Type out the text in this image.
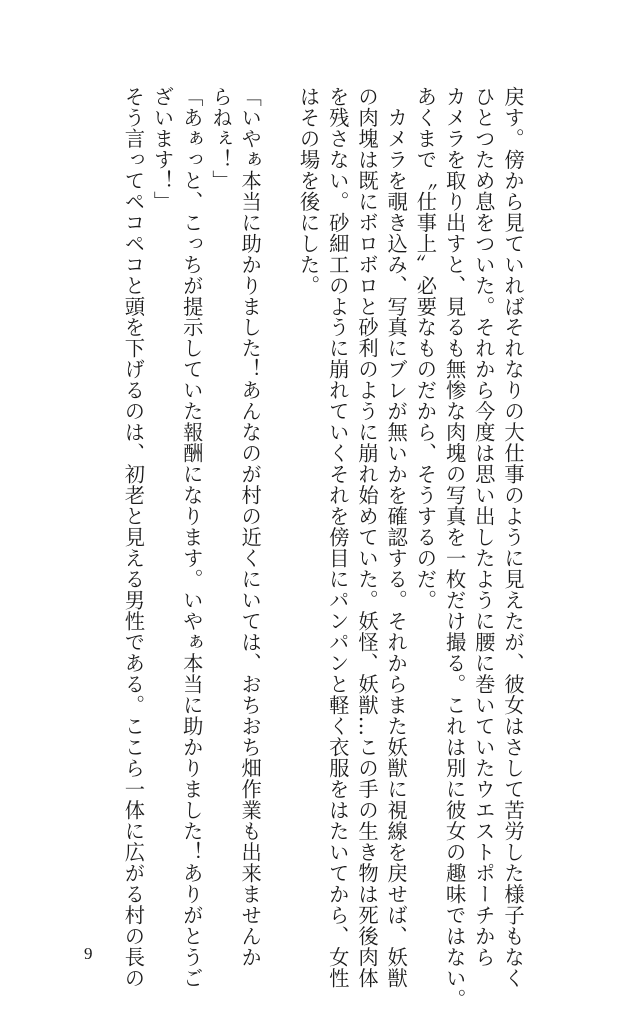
戻す。傍から見ていればそれなりの大仕事のように見えたが、彼女はさして苦労した様子もなく
ひとつため息をついた。それから今度は思い出したように腰に巻いていたウエストポーチから
カメラを取り出すと、見るも無惨な肉塊の写真を一枚だけ撮る。これは別に彼女の趣味ではない。
あくまで〝仕事上〟必要なものだから、そうするのだ。
　カメラを覗き込み、写真にブレが無いかを確認する。それからまた妖獣に視線を戻せば、妖獣
の肉塊は既にボロボロと砂利のように崩れ始めていた。妖怪、妖獣…この手の生き物は死後肉体
を残さない。砂細工のように崩れていくそれを傍目にパンパンと軽く衣服をはたいてから、女性
はその場を後にした。
「いやぁ本当に助かりました！あんなのが村の近くにいては、おちおち畑作業も出来ませんか
らねぇ！」
「あぁっと、こっちが提示していた報酬になります。いやぁ本当に助かりました！ありがとうご
ざいます！」
そう言ってペコペコと頭を下げるのは、初老と見える男性である。ここら一体に広がる村の長の
9
